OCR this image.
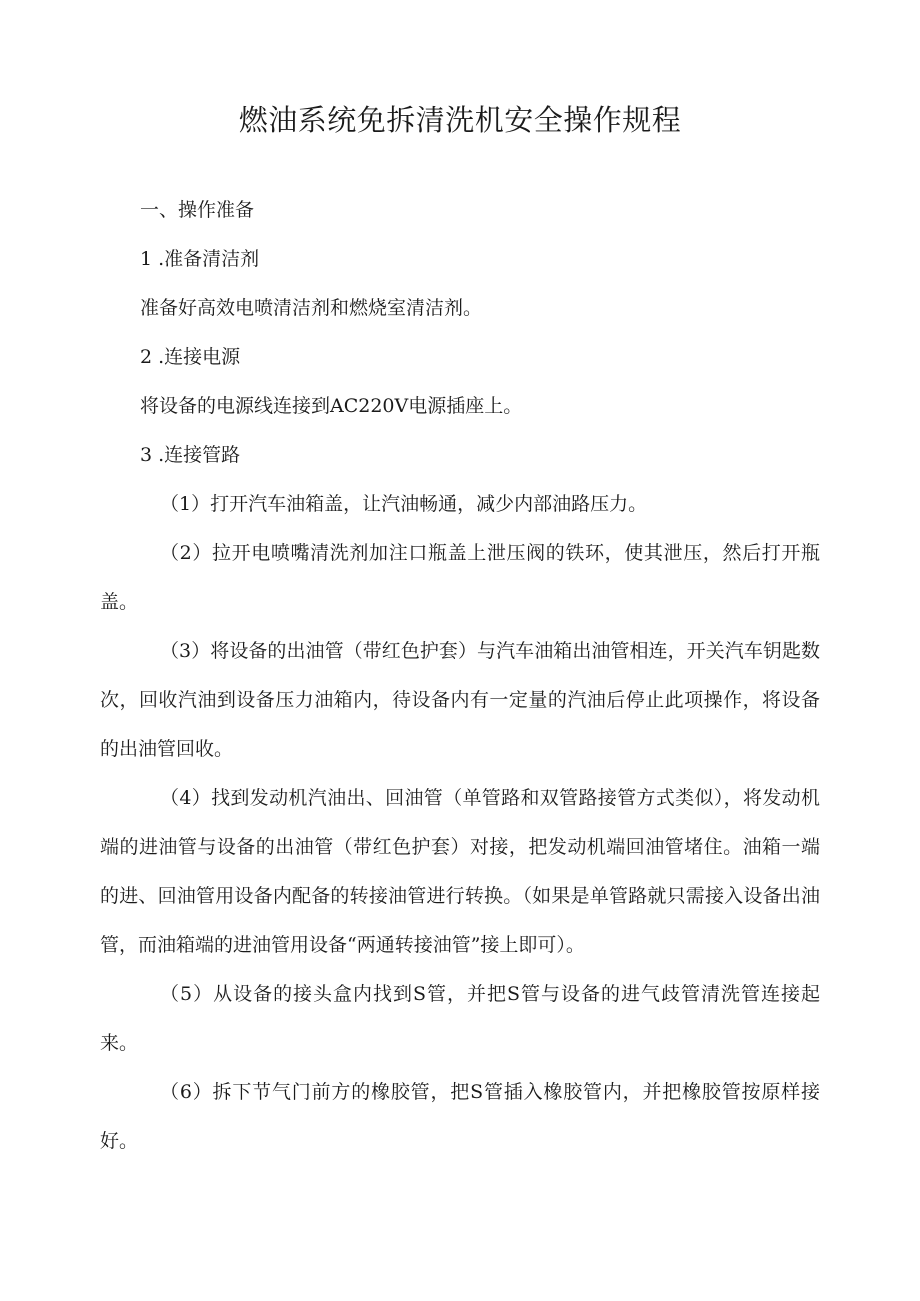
燃油系统免拆清洗机安全操作规程
一、操作准备
1 .准备清洁剂
准备好高效电喷清洁剂和燃烧室清洁剂。
2 .连接电源
将设备的电源线连接到AC220V电源插座上。
3 .连接管路
（1）打开汽车油箱盖，让汽油畅通，减少内部油路压力。
（2）拉开电喷嘴清洗剂加注口瓶盖上泄压阀的铁环，使其泄压，然后打开瓶盖。
（3）将设备的出油管（带红色护套）与汽车油箱出油管相连，开关汽车钥匙数次，回收汽油到设备压力油箱内，待设备内有一定量的汽油后停止此项操作，将设备的出油管回收。
（4）找到发动机汽油出、回油管（单管路和双管路接管方式类似），将发动机端的进油管与设备的出油管（带红色护套）对接，把发动机端回油管堵住。油箱一端的进、回油管用设备内配备的转接油管进行转换。（如果是单管路就只需接入设备出油管，而油箱端的进油管用设备“两通转接油管”接上即可）。
（5）从设备的接头盒内找到S管，并把S管与设备的进气歧管清洗管连接起来。
（6）拆下节气门前方的橡胶管，把S管插入橡胶管内，并把橡胶管按原样接好。
